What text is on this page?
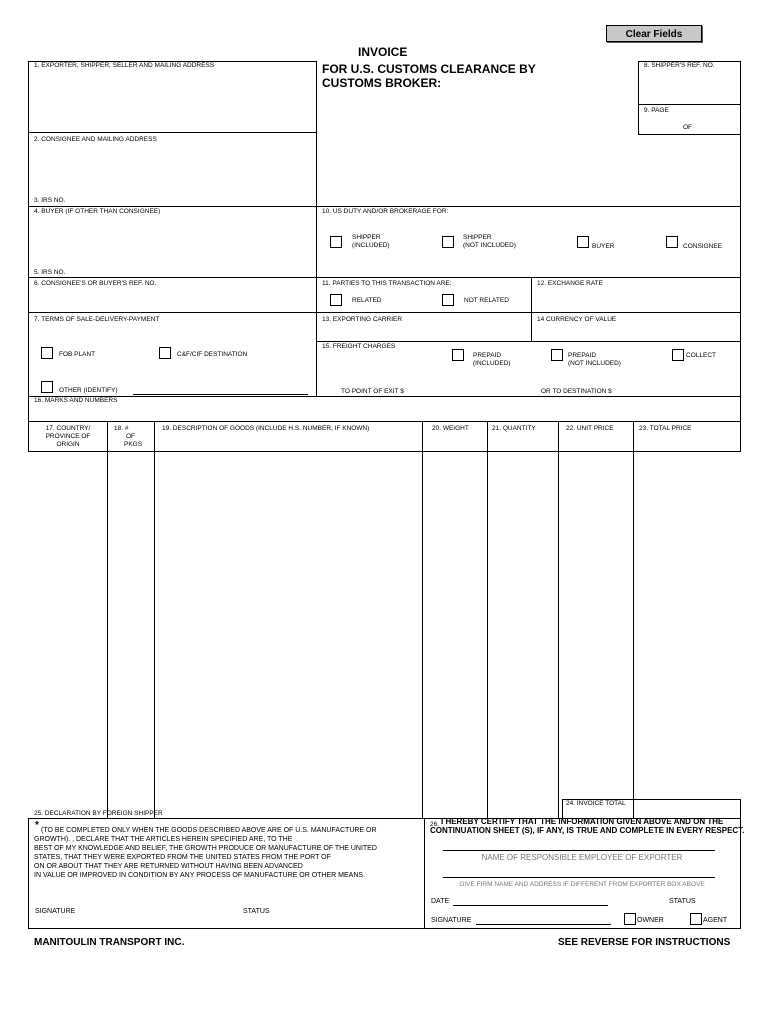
Clear Fields
INVOICE
FOR U.S. CUSTOMS CLEARANCE BY
CUSTOMS BROKER:
1. EXPORTER, SHIPPER, SELLER AND MAILING ADDRESS	8. SHIPPER'S REF. NO.
9. PAGE
OF
2. CONSIGNEE AND MAILING ADDRESS
3. IRS NO.
4. BUYER (IF OTHER THAN CONSIGNEE)
5. IRS NO.
10. US DUTY AND/OR BROKERAGE FOR:
SHIPPER
(INCLUDED)
SHIPPER
(NOT INCLUDED)	BUYER	CONSIGNEE
6. CONSIGNEE'S OR BUYER'S REF. NO.	11. PARTIES TO THIS TRANSACTION ARE:
RELATED	NOT RELATED
12. EXCHANGE RATE
7. TERMS OF SALE-DELIVERY-PAYMENT	13. EXPORTING CARRIER	14 CURRENCY OF VALUE
FOB PLANT	C&F/CIF DESTINATION
OTHER (IDENTIFY)
15. FREIGHT CHARGES
PREPAID
(INCLUDED)
PREPAID
(NOT INCLUDED)
COLLECT
TO POINT OF EXIT $	OR TO DESTINATION $
16. MARKS AND NUMBERS
17. COUNTRY/
PROVINCE OF
ORIGIN
18. #
OF
PKGS
19. DESCRIPTION OF GOODS (INCLUDE H.S. NUMBER, IF KNOWN)	20. WEIGHT	21. QUANTITY	22. UNIT PRICE	23. TOTAL PRICE
24. INVOICE TOTAL
25. DECLARATION BY FOREIGN SHIPPER
* (TO BE COMPLETED ONLY WHEN THE GOODS DESCRIBED ABOVE ARE OF U.S. MANUFACTURE OR
GROWTH). , DECLARE THAT THE ARTICLES HEREIN SPECIFIED ARE, TO THE
BEST OF MY KNOWLEDGE AND BELIEF, THE GROWTH PRODUCE OR MANUFACTURE OF THE UNITED
STATES, THAT THEY WERE EXPORTED FROM THE UNITED STATES FROM THE PORT OF
ON OR ABOUT THAT THEY ARE RETURNED WITHOUT HAVING BEEN ADVANCED
IN VALUE OR IMPROVED IN CONDITION BY ANY PROCESS OF MANUFACTURE OR OTHER MEANS.
SIGNATURE	STATUS
26. I HEREBY CERTIFY THAT THE INFORMATION GIVEN ABOVE AND ON THE
CONTINUATION SHEET (S), IF ANY, IS TRUE AND COMPLETE IN EVERY RESPECT.
NAME OF RESPONSIBLE EMPLOYEE OF EXPORTER
GIVE FIRM NAME AND ADDRESS IF DIFFERENT FROM EXPORTER BOX ABOVE
DATE	STATUS
SIGNATURE	OWNER	AGENT
MANITOULIN TRANSPORT INC.	SEE REVERSE FOR INSTRUCTIONS
